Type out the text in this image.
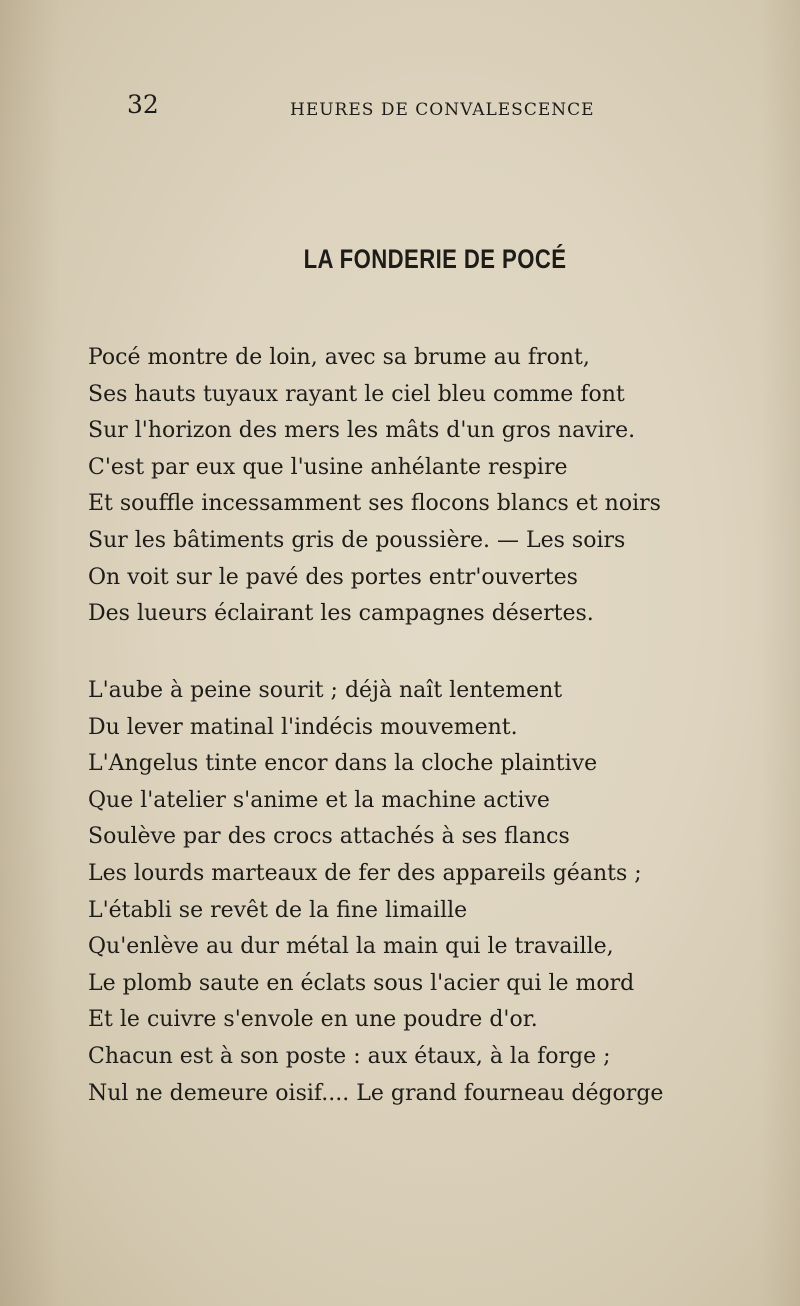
32	HEURES DE CONVALESCENCE
LA FONDERIE DE POCÉ
Pocé montre de loin, avec sa brume au front,
Ses hauts tuyaux rayant le ciel bleu comme font
Sur l'horizon des mers les mâts d'un gros navire.
C'est par eux que l'usine anhélante respire
Et souffle incessamment ses flocons blancs et noirs
Sur les bâtiments gris de poussière. — Les soirs
On voit sur le pavé des portes entr'ouvertes
Des lueurs éclairant les campagnes désertes.
L'aube à peine sourit ; déjà naît lentement
Du lever matinal l'indécis mouvement.
L'Angelus tinte encor dans la cloche plaintive
Que l'atelier s'anime et la machine active
Soulève par des crocs attachés à ses flancs
Les lourds marteaux de fer des appareils géants ;
L'établi se revêt de la fine limaille
Qu'enlève au dur métal la main qui le travaille,
Le plomb saute en éclats sous l'acier qui le mord
Et le cuivre s'envole en une poudre d'or.
Chacun est à son poste : aux étaux, à la forge ;
Nul ne demeure oisif.... Le grand fourneau dégorge
